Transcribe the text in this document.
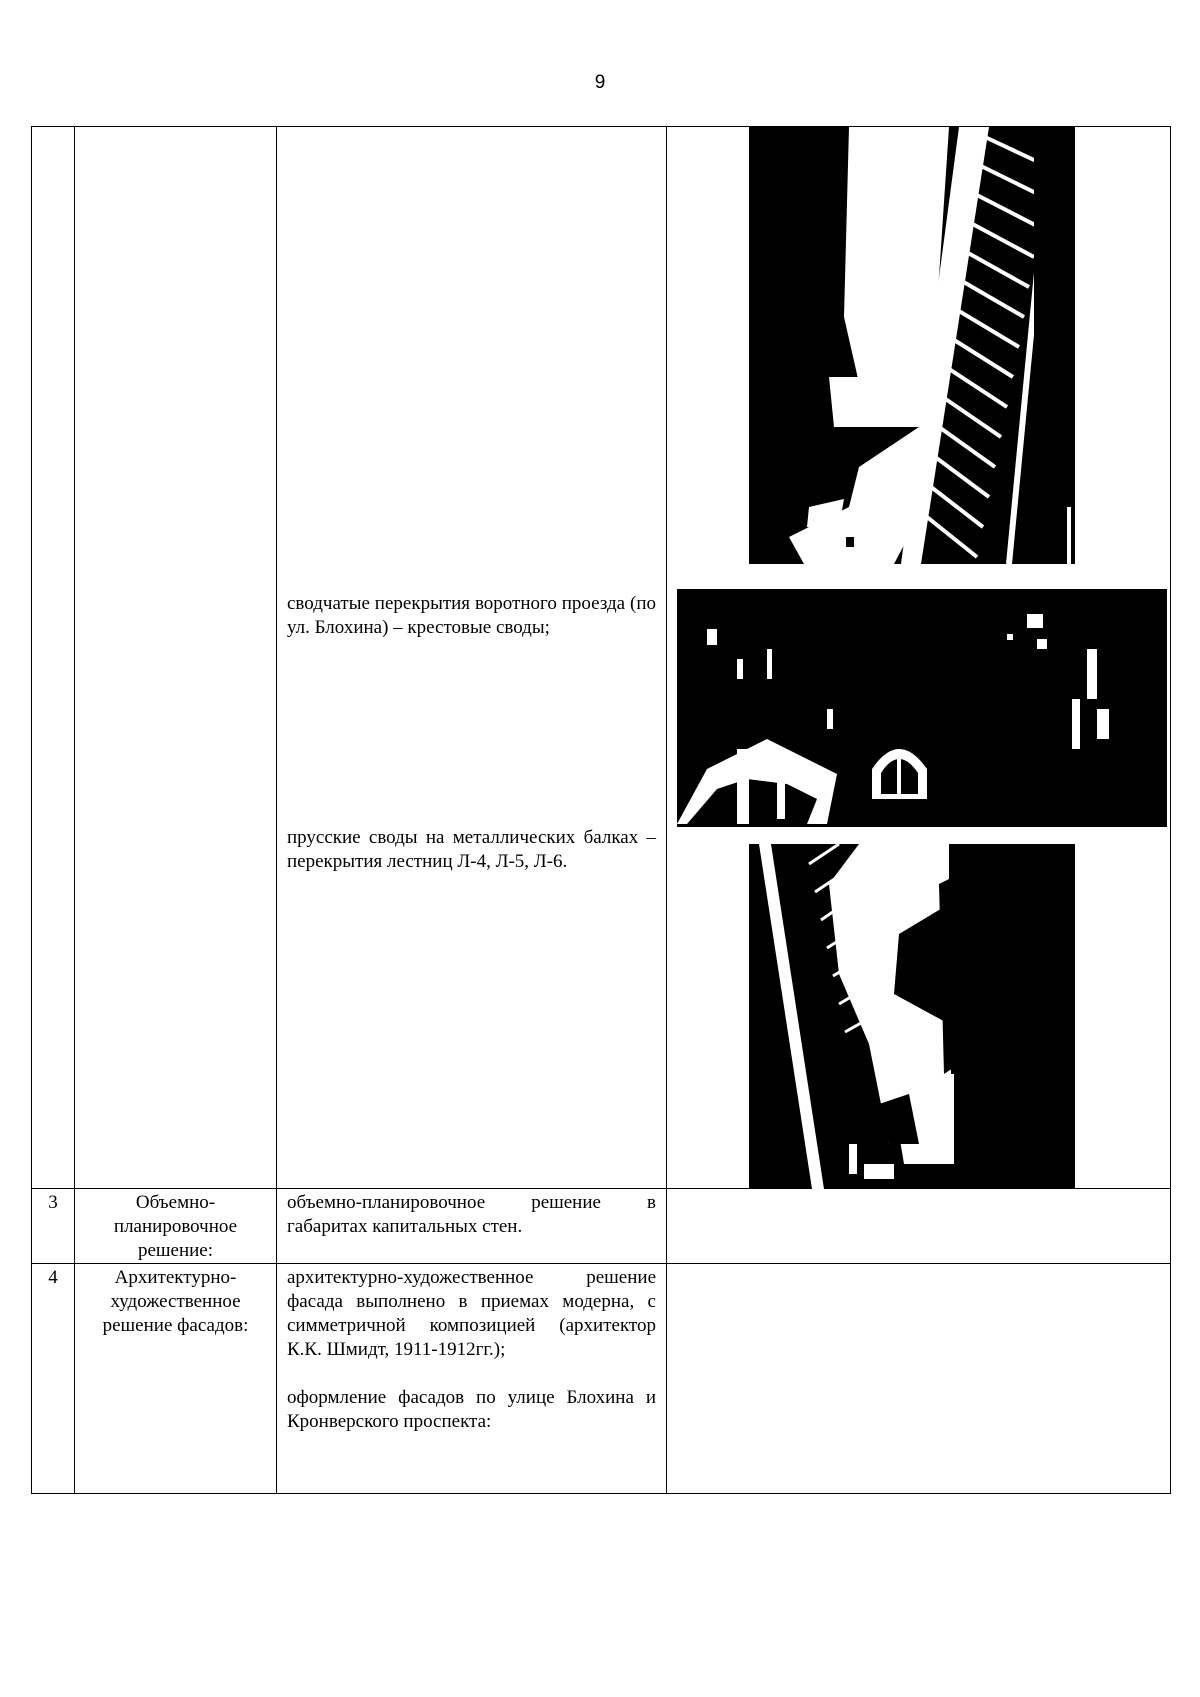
9

		сводчатые перекрытия воротного проезда (по ул. Блохина) – крестовые своды;

прусские своды на металлических балках – перекрытия лестниц Л-4, Л-5, Л-6.

3	Объемно-планировочное решение:	объемно-планировочное решение в габаритах капитальных стен.	

4	Архитектурно-художественное решение фасадов:	архитектурно-художественное решение фасада выполнено в приемах модерна, с симметричной композицией (архитектор К.К. Шмидт, 1911-1912гг.);

оформление фасадов по улице Блохина и Кронверского проспекта:	
